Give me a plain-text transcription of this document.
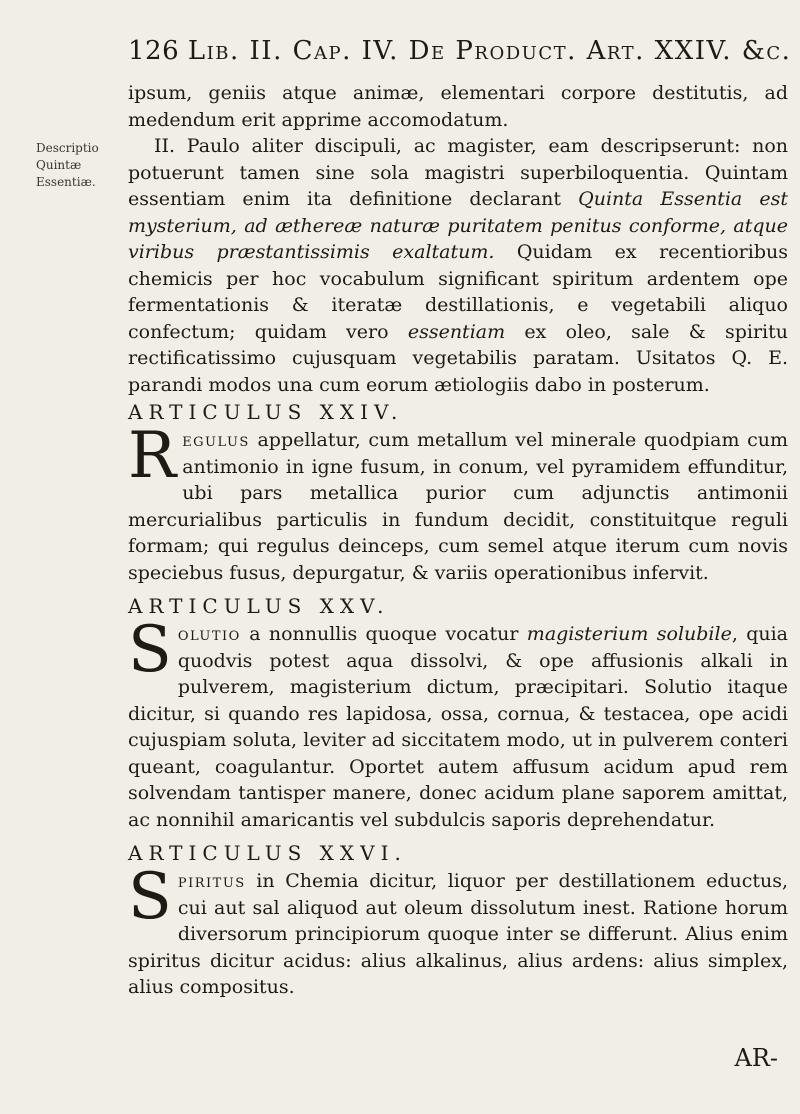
126 Lib. II. Cap. IV. De Product. Art. XXIV. &c.
Descriptio Quintæ Essentiæ.

ipsum, geniis atque animæ, elementari corpore destitutis, ad medendum erit apprime accomodatum.

II. Paulo aliter discipuli, ac magister, eam descripserunt: non potuerunt tamen sine sola magistri superbiloquentia. Quintam essentiam enim ita definitione declarant Quinta Essentia est mysterium, ad æthereæ naturæ puritatem penitus conforme, atque viribus præstantissimis exaltatum. Quidam ex recentioribus chemicis per hoc vocabulum significant spiritum ardentem ope fermentationis & iteratæ destillationis, e vegetabili aliquo confectum; quidam vero essentiam ex oleo, sale & spiritu rectificatissimo cujusquam vegetabilis paratam. Usitatos Q. E. parandi modos una cum eorum ætiologiis dabo in posterum.

ARTICULUS XXIV.

Regulus appellatur, cum metallum vel minerale quodpiam cum antimonio in igne fusum, in conum, vel pyramidem effunditur, ubi pars metallica purior cum adjunctis antimonii mercurialibus particulis in fundum decidit, constituitque reguli formam; qui regulus deinceps, cum semel atque iterum cum novis speciebus fusus, depurgatur, & variis operationibus infervit.

ARTICULUS XXV.

Solutio a nonnullis quoque vocatur magisterium solubile, quia quodvis potest aqua dissolvi, & ope affusionis alkali in pulverem, magisterium dictum, præcipitari. Solutio itaque dicitur, si quando res lapidosa, ossa, cornua, & testacea, ope acidi cujuspiam soluta, leviter ad siccitatem modo, ut in pulverem conteri queant, coagulantur. Oportet autem affusum acidum apud rem solvendam tantisper manere, donec acidum plane saporem amittat, ac nonnihil amaricantis vel subdulcis saporis deprehendatur.

ARTICULUS XXVI.

Spiritus in Chemia dicitur, liquor per destillationem eductus, cui aut sal aliquod aut oleum dissolutum inest. Ratione horum diversorum principiorum quoque inter se differunt. Alius enim spiritus dicitur acidus: alius alkalinus, alius ardens: alius simplex, alius compositus.

AR-
